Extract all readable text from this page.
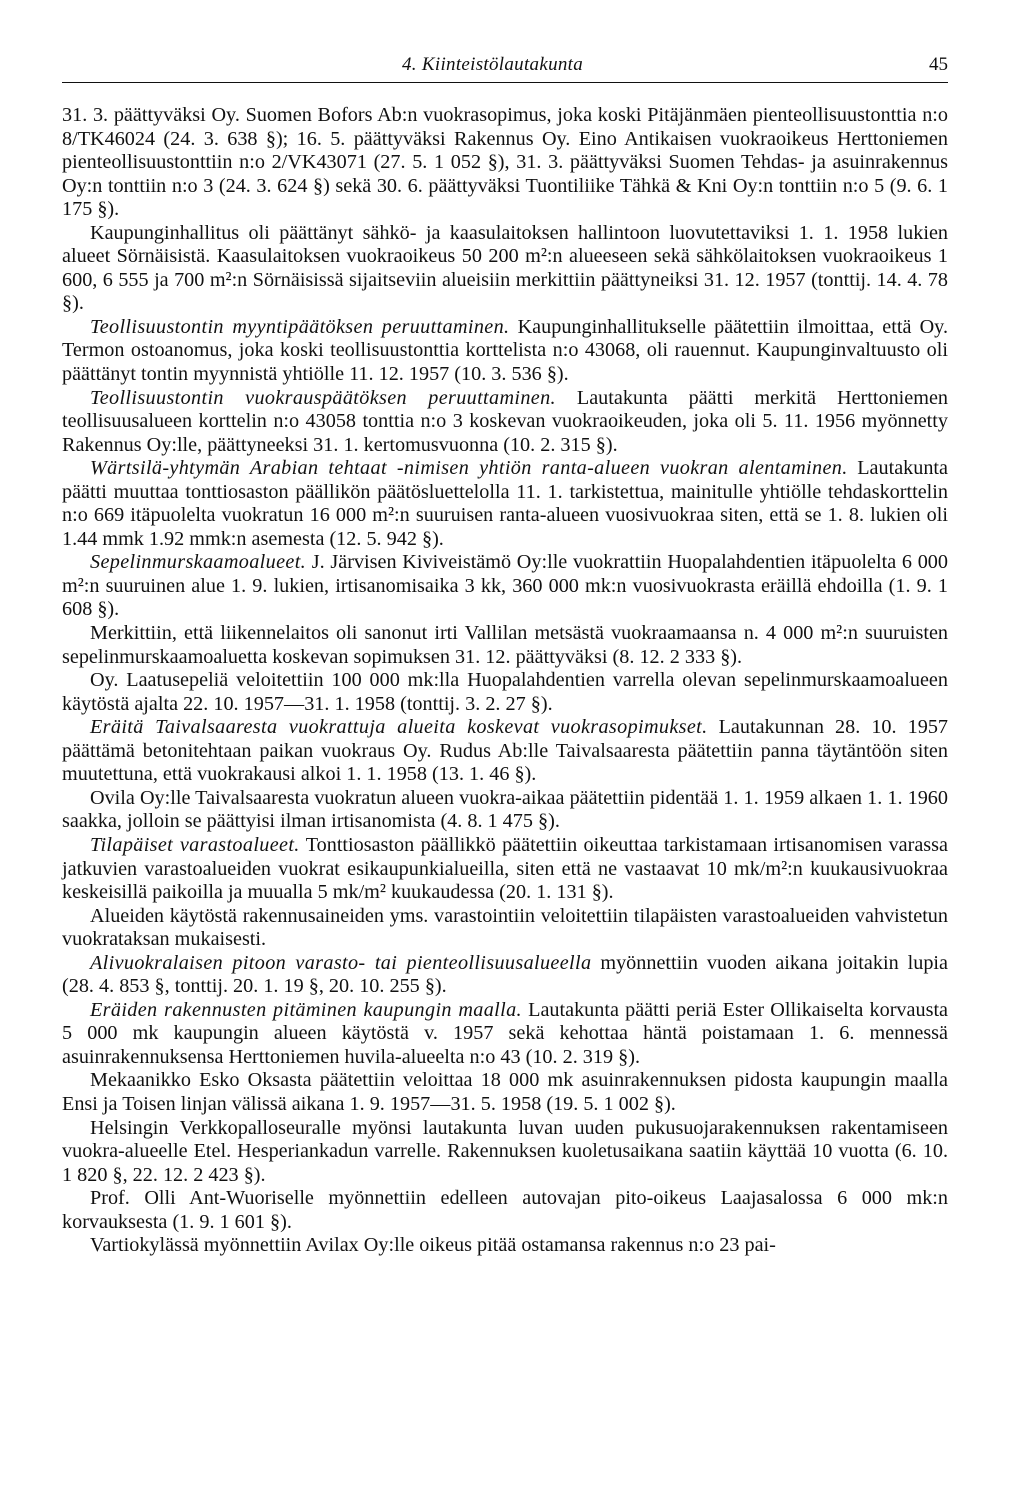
4. Kiinteistölautakunta	45

31. 3. päättyväksi Oy. Suomen Bofors Ab:n vuokrasopimus, joka koski Pitäjänmäen pienteollisuustonttia n:o 8/TK46024 (24. 3. 638 §); 16. 5. päättyväksi Rakennus Oy. Eino Antikaisen vuokraoikeus Herttoniemen pienteollisuustonttiin n:o 2/VK43071 (27. 5. 1 052 §), 31. 3. päättyväksi Suomen Tehdas- ja asuinrakennus Oy:n tonttiin n:o 3 (24. 3. 624 §) sekä 30. 6. päättyväksi Tuontiliike Tähkä & Kni Oy:n tonttiin n:o 5 (9. 6. 1 175 §).

Kaupunginhallitus oli päättänyt sähkö- ja kaasulaitoksen hallintoon luovutettaviksi 1. 1. 1958 lukien alueet Sörnäisistä. Kaasulaitoksen vuokraoikeus 50 200 m²:n alueeseen sekä sähkölaitoksen vuokraoikeus 1 600, 6 555 ja 700 m²:n Sörnäisissä sijaitseviin alueisiin merkittiin päättyneiksi 31. 12. 1957 (tonttij. 14. 4. 78 §).

Teollisuustontin myyntipäätöksen peruuttaminen. Kaupunginhallitukselle päätettiin ilmoittaa, että Oy. Termon ostoanomus, joka koski teollisuustonttia korttelista n:o 43068, oli rauennut. Kaupunginvaltuusto oli päättänyt tontin myynnistä yhtiölle 11. 12. 1957 (10. 3. 536 §).

Teollisuustontin vuokrauspäätöksen peruuttaminen. Lautakunta päätti merkitä Herttoniemen teollisuusalueen korttelin n:o 43058 tonttia n:o 3 koskevan vuokraoikeuden, joka oli 5. 11. 1956 myönnetty Rakennus Oy:lle, päättyneeksi 31. 1. kertomusvuonna (10. 2. 315 §).

Wärtsilä-yhtymän Arabian tehtaat -nimisen yhtiön ranta-alueen vuokran alentaminen. Lautakunta päätti muuttaa tonttiosaston päällikön päätösluettelolla 11. 1. tarkistettua, mainitulle yhtiölle tehdaskorttelin n:o 669 itäpuolelta vuokratun 16 000 m²:n suuruisen ranta-alueen vuosivuokraa siten, että se 1. 8. lukien oli 1.44 mmk 1.92 mmk:n asemesta (12. 5. 942 §).

Sepelinmurskaamoalueet. J. Järvisen Kiviveistämö Oy:lle vuokrattiin Huopalahdentien itäpuolelta 6 000 m²:n suuruinen alue 1. 9. lukien, irtisanomisaika 3 kk, 360 000 mk:n vuosivuokrasta eräillä ehdoilla (1. 9. 1 608 §).

Merkittiin, että liikennelaitos oli sanonut irti Vallilan metsästä vuokraamaansa n. 4 000 m²:n suuruisten sepelinmurskaamoaluetta koskevan sopimuksen 31. 12. päättyväksi (8. 12. 2 333 §).

Oy. Laatusepeliä veloitettiin 100 000 mk:lla Huopalahdentien varrella olevan sepelinmurskaamoalueen käytöstä ajalta 22. 10. 1957—31. 1. 1958 (tonttij. 3. 2. 27 §).

Eräitä Taivalsaaresta vuokrattuja alueita koskevat vuokrasopimukset. Lautakunnan 28. 10. 1957 päättämä betonitehtaan paikan vuokraus Oy. Rudus Ab:lle Taivalsaaresta päätettiin panna täytäntöön siten muutettuna, että vuokrakausi alkoi 1. 1. 1958 (13. 1. 46 §).

Ovila Oy:lle Taivalsaaresta vuokratun alueen vuokra-aikaa päätettiin pidentää 1. 1. 1959 alkaen 1. 1. 1960 saakka, jolloin se päättyisi ilman irtisanomista (4. 8. 1 475 §).

Tilapäiset varastoalueet. Tonttiosaston päällikkö päätettiin oikeuttaa tarkistamaan irtisanomisen varassa jatkuvien varastoalueiden vuokrat esikaupunkialueilla, siten että ne vastaavat 10 mk/m²:n kuukausivuokraa keskeisillä paikoilla ja muualla 5 mk/m² kuukaudessa (20. 1. 131 §).

Alueiden käytöstä rakennusaineiden yms. varastointiin veloitettiin tilapäisten varastoalueiden vahvistetun vuokrataksan mukaisesti.

Alivuokralaisen pitoon varasto- tai pienteollisuusalueella myönnettiin vuoden aikana joitakin lupia (28. 4. 853 §, tonttij. 20. 1. 19 §, 20. 10. 255 §).

Eräiden rakennusten pitäminen kaupungin maalla. Lautakunta päätti periä Ester Ollikaiselta korvausta 5 000 mk kaupungin alueen käytöstä v. 1957 sekä kehottaa häntä poistamaan 1. 6. mennessä asuinrakennuksensa Herttoniemen huvila-alueelta n:o 43 (10. 2. 319 §).

Mekaanikko Esko Oksasta päätettiin veloittaa 18 000 mk asuinrakennuksen pidosta kaupungin maalla Ensi ja Toisen linjan välissä aikana 1. 9. 1957—31. 5. 1958 (19. 5. 1 002 §).

Helsingin Verkkopalloseuralle myönsi lautakunta luvan uuden pukusuojarakennuksen rakentamiseen vuokra-alueelle Etel. Hesperiankadun varrelle. Rakennuksen kuoletusaikana saatiin käyttää 10 vuotta (6. 10. 1 820 §, 22. 12. 2 423 §).

Prof. Olli Ant-Wuoriselle myönnettiin edelleen autovajan pito-oikeus Laajasalossa 6 000 mk:n korvauksesta (1. 9. 1 601 §).

Vartiokylässä myönnettiin Avilax Oy:lle oikeus pitää ostamansa rakennus n:o 23 pai-
